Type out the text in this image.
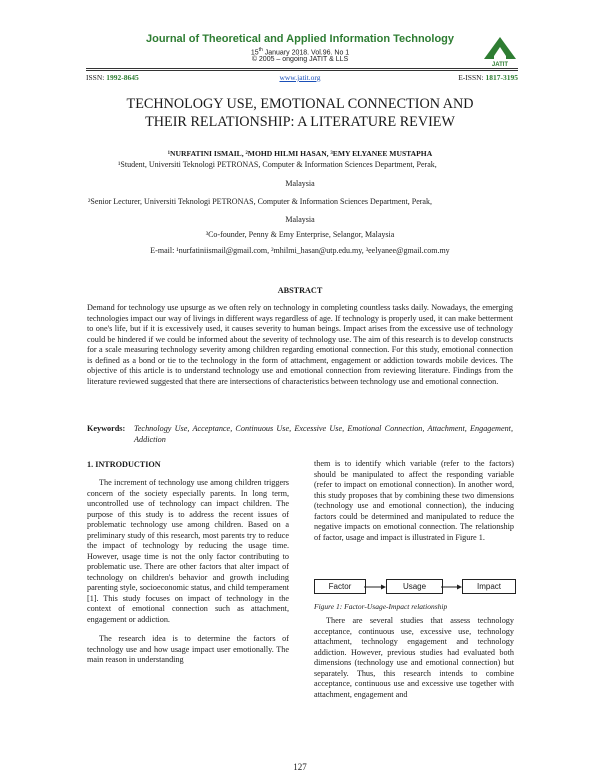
Journal of Theoretical and Applied Information Technology
15th January 2018. Vol.96. No 1
© 2005 – ongoing JATIT & LLS
JATIT
ISSN: 1992-8645	www.jatit.org	E-ISSN: 1817-3195
TECHNOLOGY USE, EMOTIONAL CONNECTION AND
THEIR RELATIONSHIP: A LITERATURE REVIEW
¹NURFATINI ISMAIL, ²MOHD HILMI HASAN, ³EMY ELYANEE MUSTAPHA
¹Student, Universiti Teknologi PETRONAS, Computer & Information Sciences Department, Perak,
Malaysia
²Senior Lecturer, Universiti Teknologi PETRONAS, Computer & Information Sciences Department, Perak,
Malaysia
³Co-founder, Penny & Emy Enterprise, Selangor, Malaysia
E-mail: ¹nurfatiniismail@gmail.com, ²mhilmi_hasan@utp.edu.my, ³eelyanee@gmail.com.my
ABSTRACT
Demand for technology use upsurge as we often rely on technology in completing countless tasks daily. Nowadays, the emerging technologies impact our way of livings in different ways regardless of age. If technology is properly used, it can make betterment to one's life, but if it is excessively used, it causes severity to human beings. Impact arises from the excessive use of technology could be hindered if we could be informed about the severity of technology use. The aim of this research is to develop constructs for a scale measuring technology severity among children regarding emotional connection. For this study, emotional connection is defined as a bond or tie to the technology in the form of attachment, engagement or addiction towards mobile devices. The objective of this article is to understand technology use and emotional connection from reviewing literature. Findings from the literature reviewed suggested that there are intersections of characteristics between technology use and emotional connection.
Keywords: Technology Use, Acceptance, Continuous Use, Excessive Use, Emotional Connection, Attachment, Engagement, Addiction
1. INTRODUCTION

The increment of technology use among children triggers concern of the society especially parents. In long term, uncontrolled use of technology can impact children. The purpose of this study is to address the recent issues of problematic technology use among children. Based on a preliminary study of this research, most parents try to reduce the impact of technology by reducing the usage time. However, usage time is not the only factor contributing to problematic use. There are other factors that alter impact of technology on children's behavior and growth including parenting style, socioeconomic status, and child temperament [1]. This study focuses on impact of technology in the context of emotional connection such as attachment, engagement or addiction.

The research idea is to determine the factors of technology use and how usage impact user emotionally. The main reason in understanding

them is to identify which variable (refer to the factors) should be manipulated to affect the responding variable (refer to impact on emotional connection). In another word, this study proposes that by combining these two dimensions (technology use and emotional connection), the inducing factors could be determined and manipulated to reduce the negative impacts on emotional connection. The relationship of factor, usage and impact is illustrated in Figure 1.
Factor	Usage	Impact
Figure 1: Factor-Usage-Impact relationship
There are several studies that assess technology acceptance, continuous use, excessive use, technology attachment, technology engagement and technology addiction. However, previous studies had evaluated both dimensions (technology use and emotional connection) but separately. Thus, this research intends to combine acceptance, continuous use and excessive use together with attachment, engagement and
127
